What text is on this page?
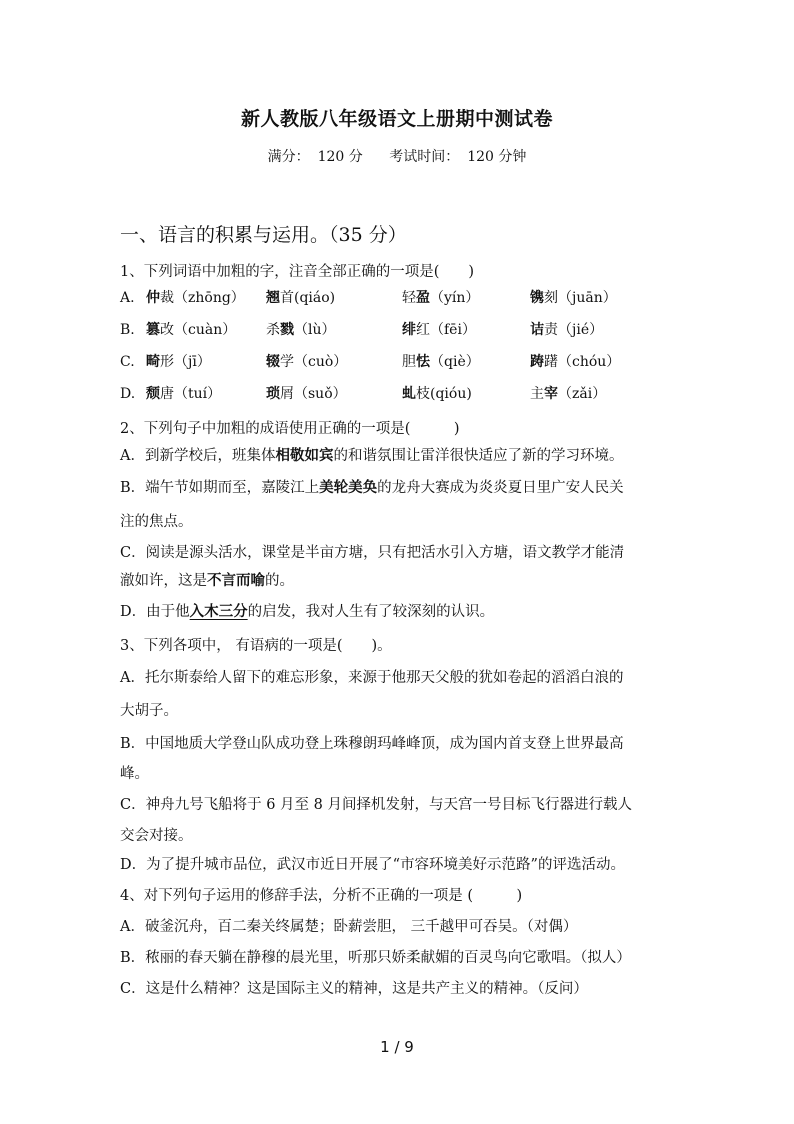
新人教版八年级语文上册期中测试卷
满分： 120 分 考试时间： 120 分钟
一、语言的积累与运用。（35 分）
1、下列词语中加粗的字，注音全部正确的一项是(　　)
A. 仲裁（zhōng） 翘首(qiáo)	轻盈（yín）	镌刻（juān）
B. 篡改（cuàn） 杀戮（lù）	绯红（fēi）	诘责（jié）
C. 畸形（jī）	辍学（cuò）	胆怯（qiè）	踌躇（chóu）
D. 颓唐（tuí）	琐屑（suǒ）	虬枝(qióu)	主宰（zǎi）
2、下列句子中加粗的成语使用正确的一项是(　　　)
A．到新学校后，班集体相敬如宾的和谐氛围让雷洋很快适应了新的学习环境。
B．端午节如期而至，嘉陵江上美轮美奂的龙舟大赛成为炎炎夏日里广安人民关
注的焦点。
C．阅读是源头活水，课堂是半亩方塘，只有把活水引入方塘，语文教学才能清
澈如许，这是不言而喻的。
D．由于他入木三分的启发，我对人生有了较深刻的认识。
3、下列各项中， 有语病的一项是(　　)。
A．托尔斯泰给人留下的难忘形象，来源于他那天父般的犹如卷起的滔滔白浪的
大胡子。
B．中国地质大学登山队成功登上珠穆朗玛峰峰顶，成为国内首支登上世界最高
峰。
C．神舟九号飞船将于 6 月至 8 月间择机发射，与天宫一号目标飞行器进行载人
交会对接。
D．为了提升城市品位，武汉市近日开展了“市容环境美好示范路”的评选活动。
4、对下列句子运用的修辞手法，分析不正确的一项是 (　　　)
A．破釜沉舟，百二秦关终属楚；卧薪尝胆， 三千越甲可吞吴。（对偶）
B．秾丽的春天躺在静穆的晨光里，听那只娇柔献媚的百灵鸟向它歌唱。（拟人）
C．这是什么精神？这是国际主义的精神，这是共产主义的精神。（反问）
1 / 9
